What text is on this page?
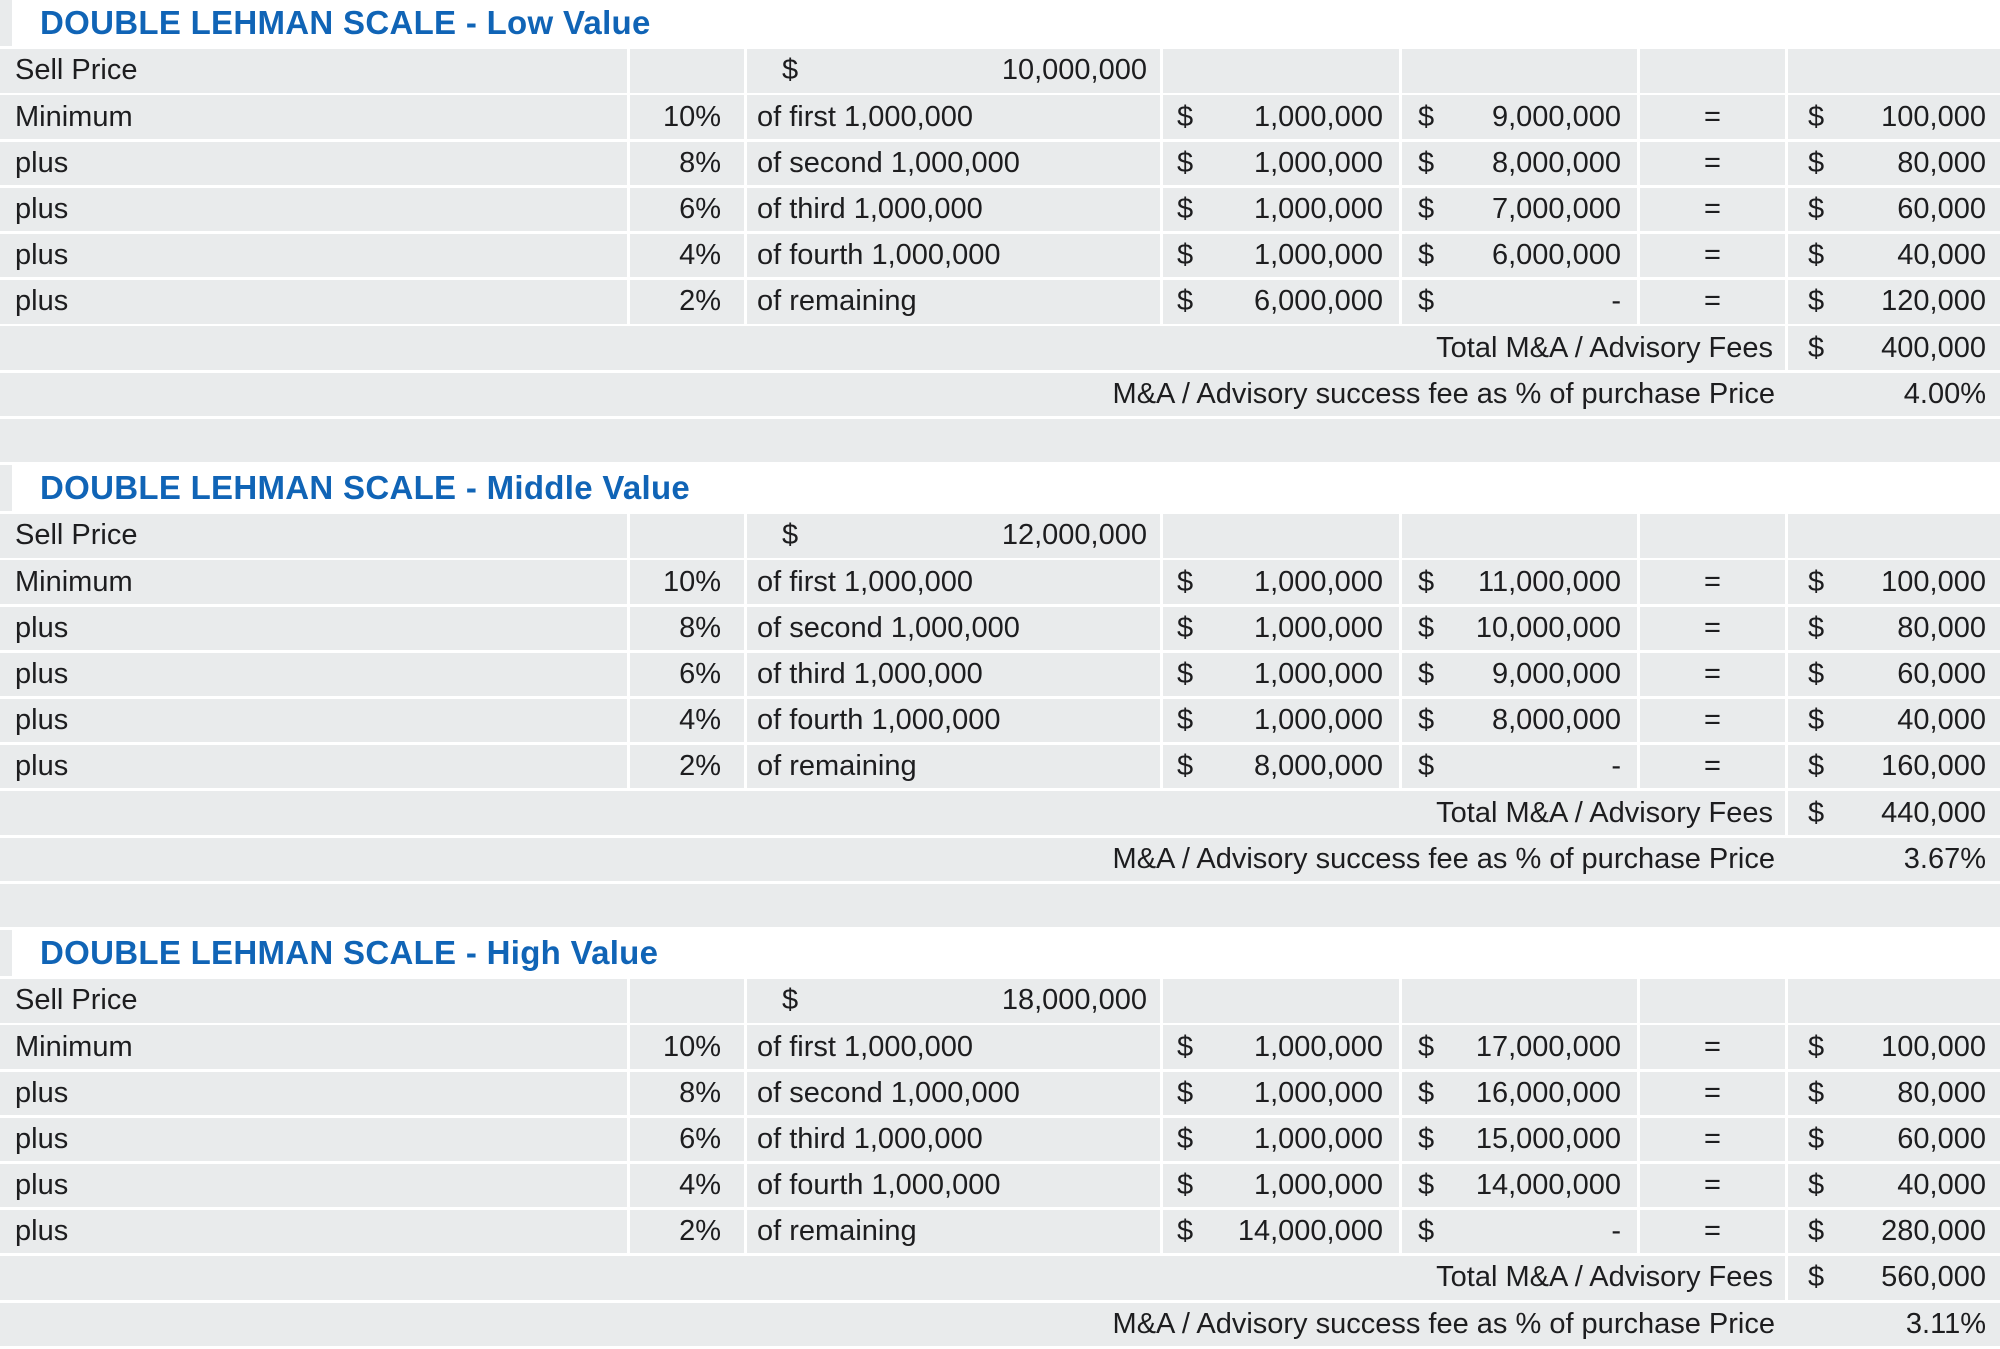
DOUBLE LEHMAN SCALE - Low Value
Sell Price	$	10,000,000
Minimum	10% of first 1,000,000	$ 1,000,000 $ 9,000,000	=	$ 100,000
plus	8% of second 1,000,000	$ 1,000,000 $ 8,000,000	=	$	80,000
plus	6% of third 1,000,000	$ 1,000,000 $ 7,000,000	=	$	60,000
plus	4% of fourth 1,000,000	$ 1,000,000 $ 6,000,000	=	$	40,000
plus	2% of remaining	$ 6,000,000 $	-	=	$ 120,000
Total M&A / Advisory Fees $ 400,000
M&A / Advisory success fee as % of purchase Price	4.00%
DOUBLE LEHMAN SCALE - Middle Value
Sell Price	$	12,000,000
Minimum	10% of first 1,000,000	$ 1,000,000 $ 11,000,000	=	$ 100,000
plus	8% of second 1,000,000	$ 1,000,000 $ 10,000,000	=	$	80,000
plus	6% of third 1,000,000	$ 1,000,000 $ 9,000,000	=	$	60,000
plus	4% of fourth 1,000,000	$ 1,000,000 $ 8,000,000	=	$	40,000
plus	2% of remaining	$ 8,000,000 $	-	=	$ 160,000
Total M&A / Advisory Fees $ 440,000
M&A / Advisory success fee as % of purchase Price	3.67%
DOUBLE LEHMAN SCALE - High Value
Sell Price	$	18,000,000
Minimum	10% of first 1,000,000	$ 1,000,000 $ 17,000,000	=	$ 100,000
plus	8% of second 1,000,000	$ 1,000,000 $ 16,000,000	=	$	80,000
plus	6% of third 1,000,000	$ 1,000,000 $ 15,000,000	=	$	60,000
plus	4% of fourth 1,000,000	$ 1,000,000 $ 14,000,000	=	$	40,000
plus	2% of remaining	$ 14,000,000 $	-	=	$ 280,000
Total M&A / Advisory Fees $ 560,000
M&A / Advisory success fee as % of purchase Price	3.11%
